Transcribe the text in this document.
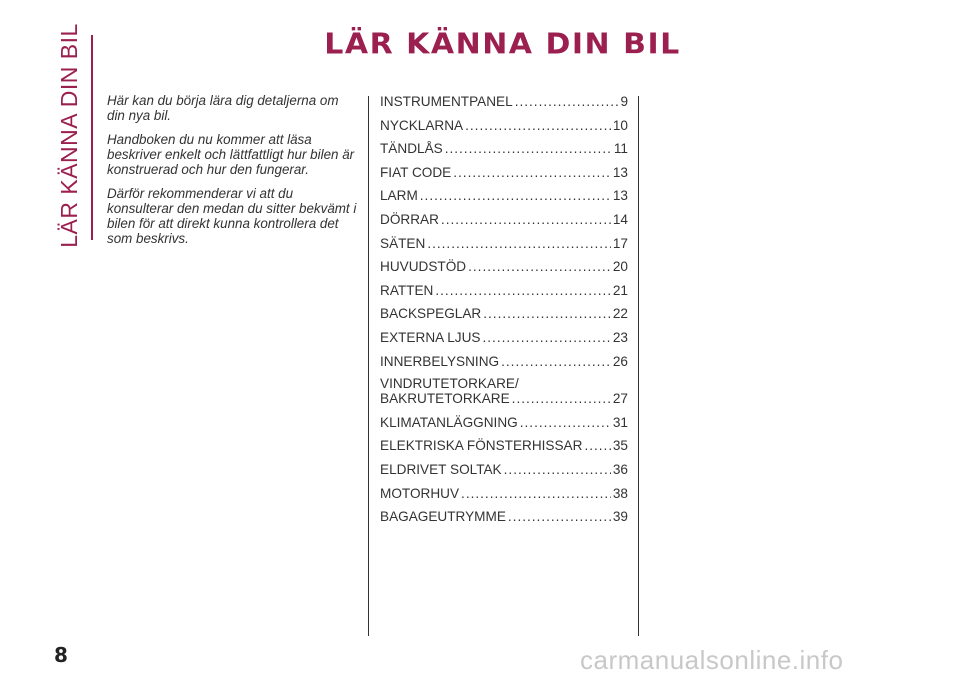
LÄR KÄNNA DIN BIL	LÄR KÄNNA DIN BIL

Här kan du börja lära dig detaljerna om din nya bil.

Handboken du nu kommer att läsa beskriver enkelt och lättfattligt hur bilen är konstruerad och hur den fungerar.

Därför rekommenderar vi att du konsulterar den medan du sitter bekvämt i bilen för att direkt kunna kontrollera det som beskrivs.

INSTRUMENTPANEL .....	9
NYCKLARNA .....	10
TÄNDLÅS .....	11
FIAT CODE .....	13
LARM .....	13
DÖRRAR .....	14
SÄTEN .....	17
HUVUDSTÖD .....	20
RATTEN .....	21
BACKSPEGLAR .....	22
EXTERNA LJUS .....	23
INNERBELYSNING .....	26
VINDRUTETORKARE/
BAKRUTETORKARE .....	27
KLIMATANLÄGGNING .....	31
ELEKTRISKA FÖNSTERHISSAR ..... 35
ELDRIVET SOLTAK .....	36
MOTORHUV .....	38
BAGAGEUTRYMME .....	39
8	carmanualsonline.info
